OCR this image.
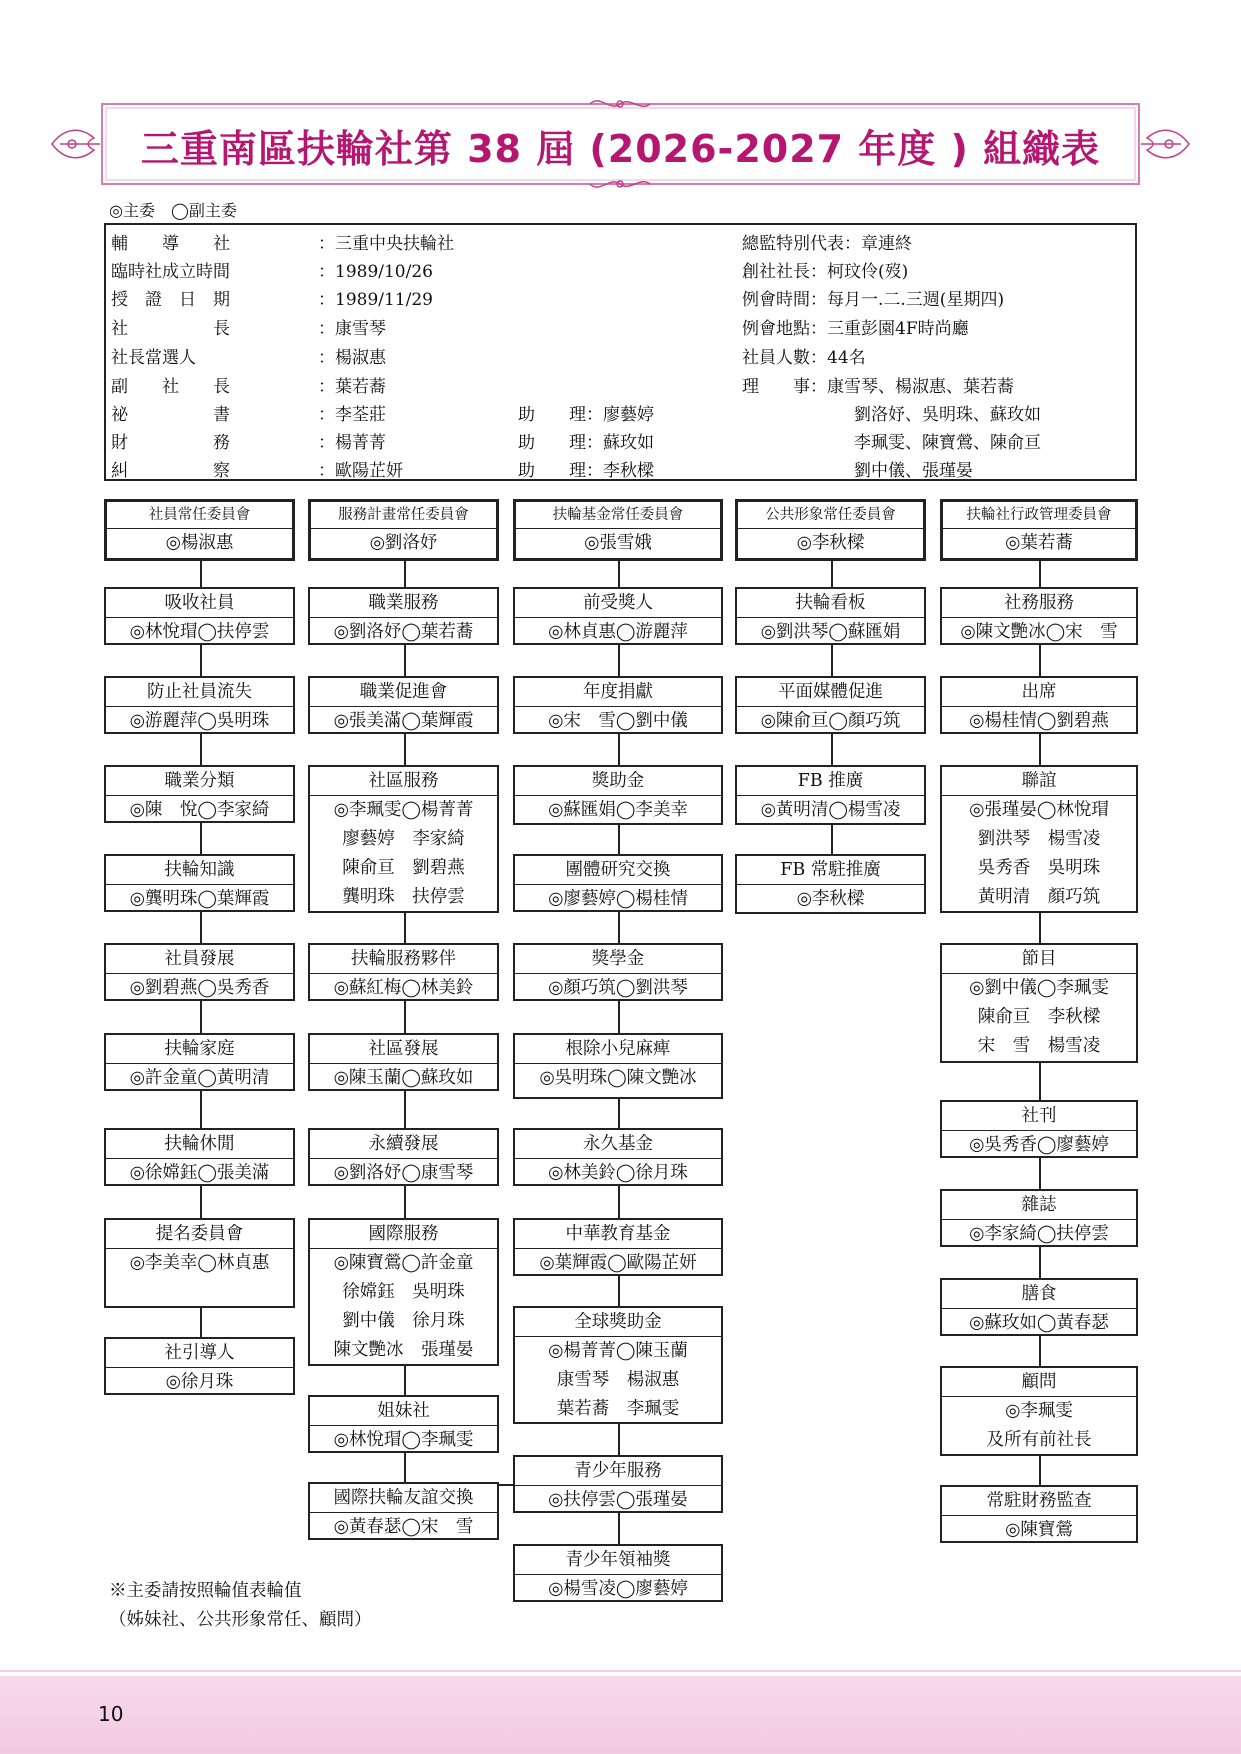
三重南區扶輪社第 38 屆 (2026-2027 年度 ) 組織表
◎主委　◯副主委
輔　　導　　社	：三重中央扶輪社	總監特別代表：章連終
臨時社成立時間	：1989/10/26	創社社長：柯玟伶(歿)
授　證　日　期	：1989/11/29	例會時間：每月一.二.三週(星期四)
社　　　　　長	：康雪琴	例會地點：三重彭園4F時尚廳
社長當選人	：楊淑惠	社員人數：44名
副　　社　　長	：葉若蕎	理　　事：康雪琴、楊淑惠、葉若蕎
祕　　　　　書	：李荃莊	助　　理：廖藝婷	劉洛妤、吳明珠、蘇玫如
財　　　　　務	：楊菁菁	助　　理：蘇玫如	李珮雯、陳寶鶯、陳俞亘
糾　　　　　察	：歐陽芷妍	助　　理：李秋樑	劉中儀、張瑾晏
社員常任委員會
◎楊淑惠
服務計畫常任委員會
◎劉洛妤
扶輪基金常任委員會
◎張雪娥
公共形象常任委員會
◎李秋樑
扶輪社行政管理委員會
◎葉若蕎
吸收社員
◎林悅瑁◯扶停雲
防止社員流失
◎游麗萍◯吳明珠
職業分類
◎陳　悅◯李家綺
扶輪知識
◎龔明珠◯葉輝霞
社員發展
◎劉碧燕◯吳秀香
扶輪家庭
◎許金童◯黃明清
扶輪休閒
◎徐嫦鈺◯張美滿
提名委員會
◎李美幸◯林貞惠
社引導人
◎徐月珠
職業服務
◎劉洛妤◯葉若蕎
職業促進會
◎張美滿◯葉輝霞
社區服務
◎李珮雯◯楊菁菁
廖藝婷　李家綺
陳俞亘　劉碧燕
龔明珠　扶停雲
扶輪服務夥伴
◎蘇紅梅◯林美鈴
社區發展
◎陳玉蘭◯蘇玫如
永續發展
◎劉洛妤◯康雪琴
國際服務
◎陳寶鶯◯許金童
徐嫦鈺　吳明珠
劉中儀　徐月珠
陳文艷冰　張瑾晏
姐妹社
◎林悅瑁◯李珮雯
國際扶輪友誼交換
◎黃春瑟◯宋　雪
前受獎人
◎林貞惠◯游麗萍
年度捐獻
◎宋　雪◯劉中儀
獎助金
◎蘇匯娟◯李美幸
團體研究交換
◎廖藝婷◯楊桂情
獎學金
◎顏巧筑◯劉洪琴
根除小兒麻痺
◎吳明珠◯陳文艷冰
永久基金
◎林美鈴◯徐月珠
中華教育基金
◎葉輝霞◯歐陽芷妍
全球獎助金
◎楊菁菁◯陳玉蘭
康雪琴　楊淑惠
葉若蕎　李珮雯
青少年服務
◎扶停雲◯張瑾晏
青少年領袖獎
◎楊雪凌◯廖藝婷
扶輪看板
◎劉洪琴◯蘇匯娟
平面媒體促進
◎陳俞亘◯顏巧筑
FB 推廣
◎黃明清◯楊雪凌
FB 常駐推廣
◎李秋樑
社務服務
◎陳文艷冰◯宋　雪
出席
◎楊桂情◯劉碧燕
聯誼
◎張瑾晏◯林悅瑁
劉洪琴　楊雪凌
吳秀香　吳明珠
黃明清　顏巧筑
節目
◎劉中儀◯李珮雯
陳俞亘　李秋樑
宋　雪　楊雪凌
社刊
◎吳秀香◯廖藝婷
雜誌
◎李家綺◯扶停雲
膳食
◎蘇玫如◯黃春瑟
顧問
◎李珮雯
及所有前社長
常駐財務監查
◎陳寶鶯
※主委請按照輪值表輪值
（姊妹社、公共形象常任、顧問）
10
